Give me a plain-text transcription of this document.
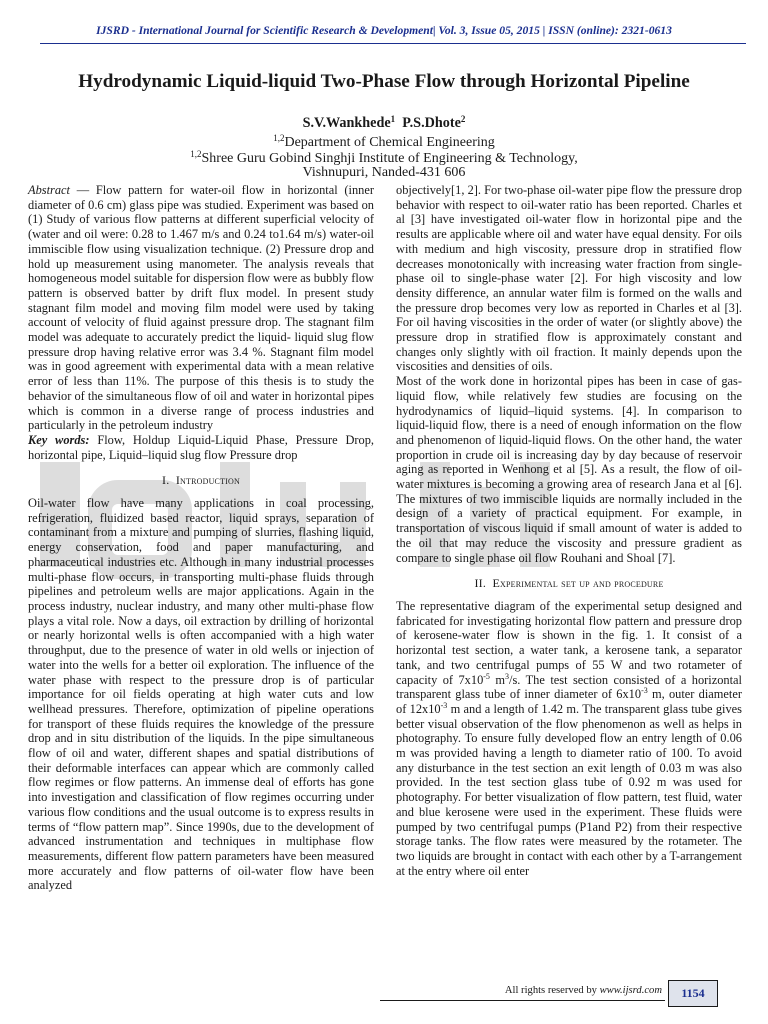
IJSRD - International Journal for Scientific Research & Development| Vol. 3, Issue 05, 2015 | ISSN (online): 2321-0613
Hydrodynamic Liquid-liquid Two-Phase Flow through Horizontal Pipeline
S.V.Wankhede$^1$ P.S.Dhote$^2$
$^{1,2}$Department of Chemical Engineering
$^{1,2}$Shree Guru Gobind Singhji Institute of Engineering & Technology,
Vishnupuri, Nanded-431 606

Abstract — Flow pattern for water-oil flow in horizontal (inner diameter of 0.6 cm) glass pipe was studied. Experiment was based on (1) Study of various flow patterns at different superficial velocity of (water and oil were: 0.28 to 1.467 m/s and 0.24 to1.64 m/s) water-oil immiscible flow using visualization technique. (2) Pressure drop and hold up measurement using manometer. The analysis reveals that homogeneous model suitable for dispersion flow were as bubbly flow pattern is observed batter by drift flux model. In present study stagnant film model and moving film model were used by taking account of velocity of fluid against pressure drop. The stagnant film model was adequate to accurately predict the liquid- liquid slug flow pressure drop having relative error was 3.4 %. Stagnant film model was in good agreement with experimental data with a mean relative error of less than 11%. The purpose of this thesis is to study the behavior of the simultaneous flow of oil and water in horizontal pipes which is common in a diverse range of process industries and particularly in the petroleum industry

Key words: Flow, Holdup Liquid-Liquid Phase, Pressure Drop, horizontal pipe, Liquid–liquid slug flow Pressure drop

I. Introduction

Oil-water flow have many applications in coal processing, refrigeration, fluidized based reactor, liquid sprays, separation of contaminant from a mixture and pumping of slurries, flashing liquid, energy conservation, food and paper manufacturing, and pharmaceutical industries etc. Although in many industrial processes multi-phase flow occurs, in transporting multi-phase fluids through pipelines and petroleum wells are major applications. Again in the process industry, nuclear industry, and many other multi-phase flow plays a vital role. Now a days, oil extraction by drilling of horizontal or nearly horizontal wells is often accompanied with a high water throughput, due to the presence of water in old wells or injection of water into the wells for a better oil exploration. The influence of the water phase with respect to the pressure drop is of particular importance for oil fields operating at high water cuts and low wellhead pressures. Therefore, optimization of pipeline operations for transport of these fluids requires the knowledge of the pressure drop and in situ distribution of the liquids. In the pipe simultaneous flow of oil and water, different shapes and spatial distributions of their deformable interfaces can appear which are commonly called flow regimes or flow patterns. An immense deal of efforts has gone into investigation and classification of flow regimes occurring under various flow conditions and the usual outcome is to express results in terms of “flow pattern map”. Since 1990s, due to the development of advanced instrumentation and techniques in multiphase flow measurements, different flow pattern parameters have been measured more accurately and flow patterns of oil-water flow have been analyzed

objectively[1, 2]. For two-phase oil-water pipe flow the pressure drop behavior with respect to oil-water ratio has been reported. Charles et al [3] have investigated oil-water flow in horizontal pipe and the results are applicable where oil and water have equal density. For oils with medium and high viscosity, pressure drop in stratified flow decreases monotonically with increasing water fraction from single-phase oil to single-phase water [2]. For high viscosity and low density difference, an annular water film is formed on the walls and the pressure drop becomes very low as reported in Charles et al [3]. For oil having viscosities in the order of water (or slightly above) the pressure drop in stratified flow is approximately constant and changes only slightly with oil fraction. It mainly depends upon the viscosities and densities of oils.

Most of the work done in horizontal pipes has been in case of gas-liquid flow, while relatively few studies are focusing on the hydrodynamics of liquid–liquid systems. [4]. In comparison to liquid-liquid flow, there is a need of enough information on the flow and phenomenon of liquid-liquid flows. On the other hand, the water proportion in crude oil is increasing day by day because of reservoir aging as reported in Wenhong et al [5]. As a result, the flow of oil-water mixtures is becoming a growing area of research Jana et al [6]. The mixtures of two immiscible liquids are normally included in the design of a variety of practical equipment. For example, in transportation of viscous liquid if small amount of water is added to the oil that may reduce the viscosity and pressure gradient as compare to single phase oil flow Rouhani and Shoal [7].

II. Experimental set up and procedure

The representative diagram of the experimental setup designed and fabricated for investigating horizontal flow pattern and pressure drop of kerosene-water flow is shown in the fig. 1. It consist of a horizontal test section, a water tank, a kerosene tank, a separator tank, and two centrifugal pumps of 55 W and two rotameter of capacity of $7x10^{-5}$ $m^3/s$. The test section consisted of a horizontal transparent glass tube of inner diameter of $6x10^{-3}$ m, outer diameter of $12x10^{-3}$ m and a length of 1.42 m. The transparent glass tube gives better visual observation of the flow phenomenon as well as helps in photography. To ensure fully developed flow an entry length of 0.06 m was provided having a length to diameter ratio of 100. To avoid any disturbance in the test section an exit length of 0.03 m was also provided. In the test section glass tube of 0.92 m was used for photography. For better visualization of flow pattern, test fluid, water and blue kerosene were used in the experiment. These fluids were pumped by two centrifugal pumps (P1and P2) from their respective storage tanks. The flow rates were measured by the rotameter. The two liquids are brought in contact with each other by a T-arrangement at the entry where oil enter

All rights reserved by www.ijsrd.com	1154
